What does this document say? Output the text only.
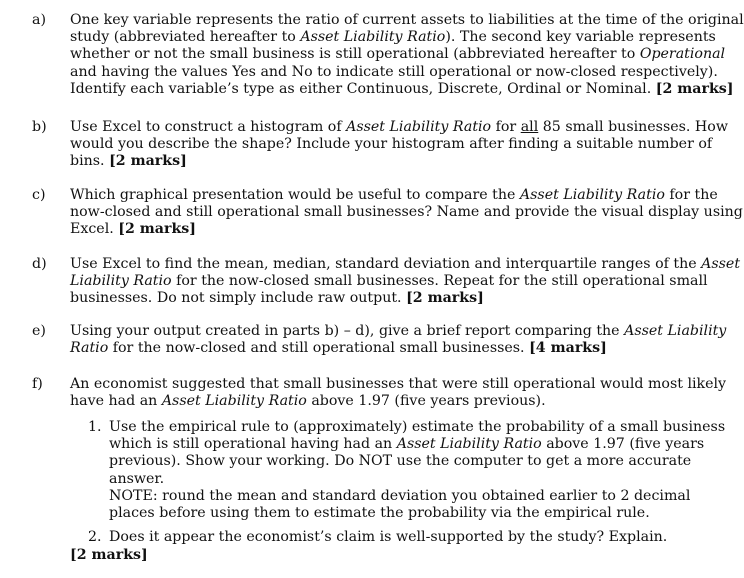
a)	One key variable represents the ratio of current assets to liabilities at the time of the original

study (abbreviated hereafter to Asset Liability Ratio). The second key variable represents

whether or not the small business is still operational (abbreviated hereafter to Operational

and having the values Yes and No to indicate still operational or now-closed respectively).

Identify each variable’s type as either Continuous, Discrete, Ordinal or Nominal. [2 marks]

b)	Use Excel to construct a histogram of Asset Liability Ratio for all 85 small businesses. How

would you describe the shape? Include your histogram after finding a suitable number of

bins. [2 marks]

c)	Which graphical presentation would be useful to compare the Asset Liability Ratio for the

now-closed and still operational small businesses? Name and provide the visual display using

Excel. [2 marks]

d)	Use Excel to find the mean, median, standard deviation and interquartile ranges of the Asset

Liability Ratio for the now-closed small businesses. Repeat for the still operational small

businesses. Do not simply include raw output. [2 marks]

e)	Using your output created in parts b) – d), give a brief report comparing the Asset Liability

Ratio for the now-closed and still operational small businesses. [4 marks]

f)	An economist suggested that small businesses that were still operational would most likely

have had an Asset Liability Ratio above 1.97 (five years previous).

1. Use the empirical rule to (approximately) estimate the probability of a small business

which is still operational having had an Asset Liability Ratio above 1.97 (five years

previous). Show your working. Do NOT use the computer to get a more accurate

answer.

NOTE: round the mean and standard deviation you obtained earlier to 2 decimal

places before using them to estimate the probability via the empirical rule.

2. Does it appear the economist’s claim is well-supported by the study? Explain.

[2 marks]
